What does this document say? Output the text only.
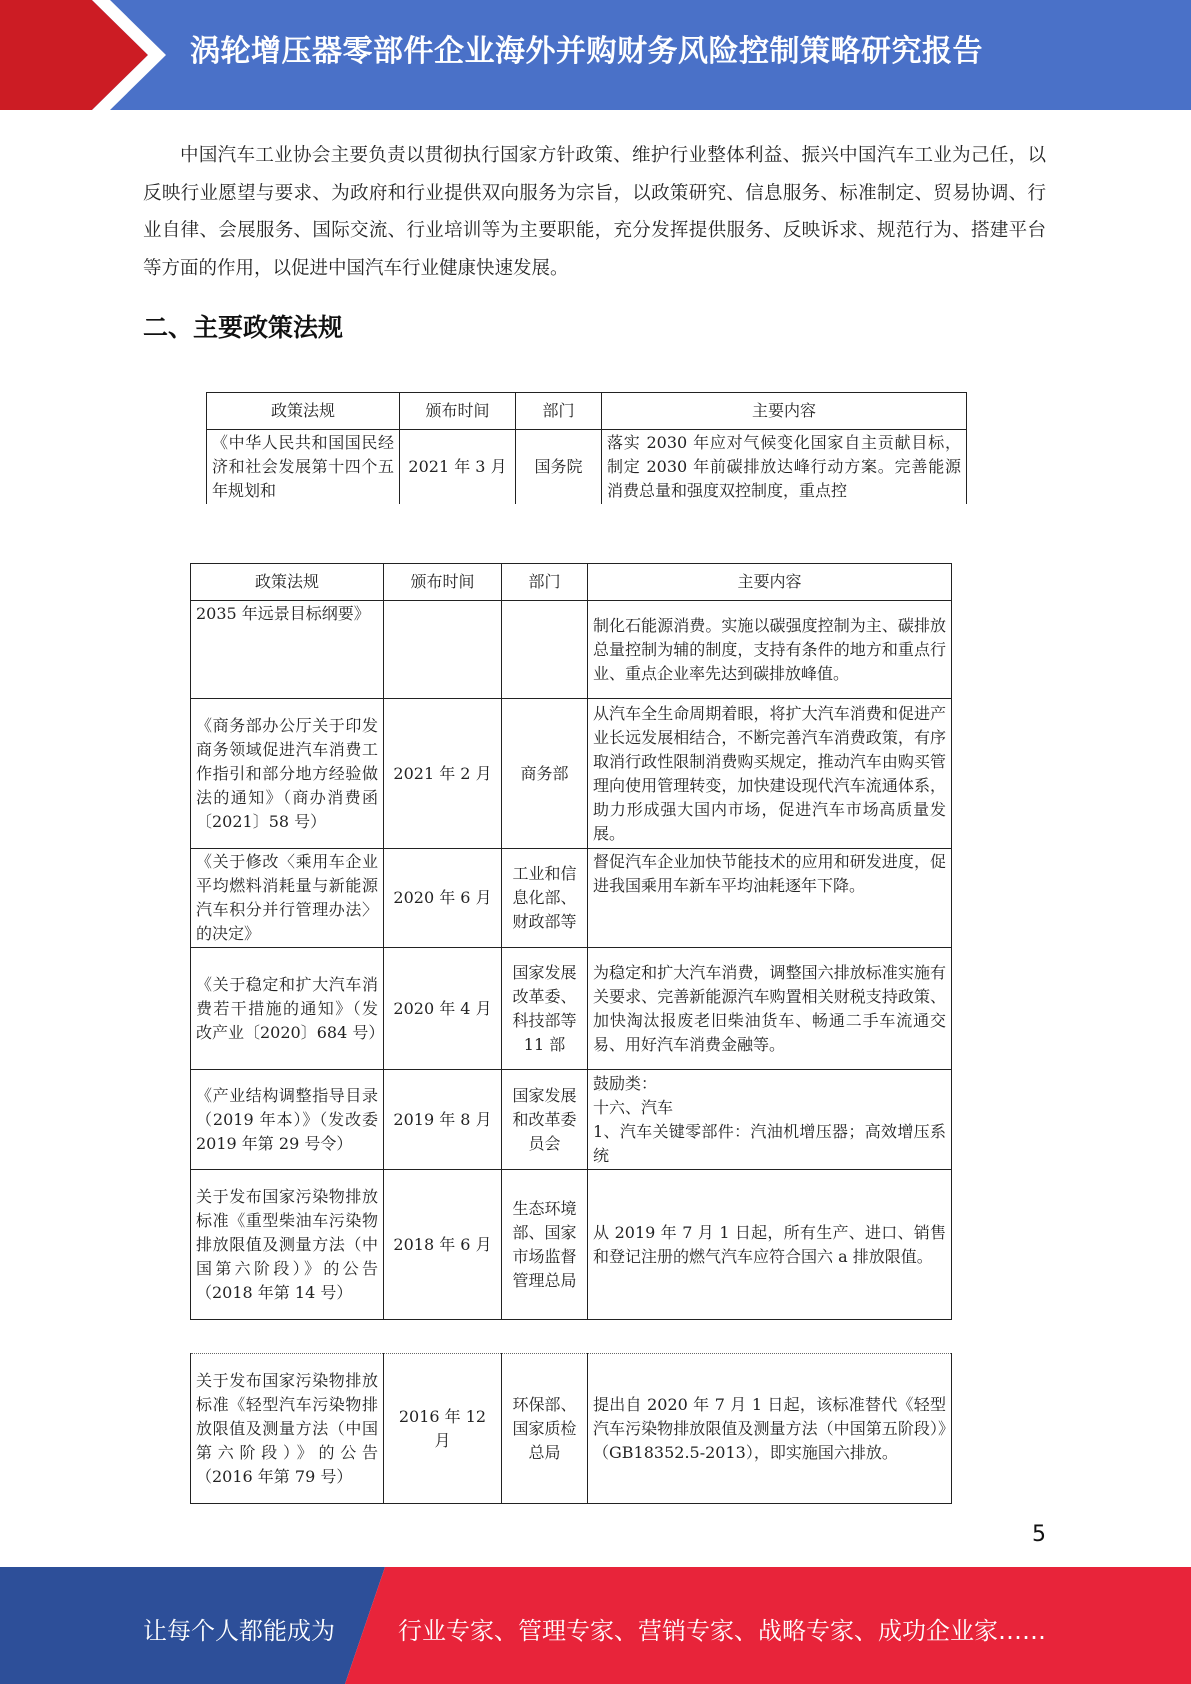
涡轮增压器零部件企业海外并购财务风险控制策略研究报告

中国汽车工业协会主要负责以贯彻执行国家方针政策、维护行业整体利益、振兴中国汽车工业为己任，以反映行业愿望与要求、为政府和行业提供双向服务为宗旨，以政策研究、信息服务、标准制定、贸易协调、行业自律、会展服务、国际交流、行业培训等为主要职能，充分发挥提供服务、反映诉求、规范行为、搭建平台等方面的作用，以促进中国汽车行业健康快速发展。

二、主要政策法规
政策法规	颁布时间	部门	主要内容
《中华人民共和国国民经济和社会发展第十四个五年规划和	2021 年 3 月	国务院	落实 2030 年应对气候变化国家自主贡献目标，制定 2030 年前碳排放达峰行动方案。完善能源消费总量和强度双控制度，重点控
政策法规	颁布时间	部门	主要内容
2035 年远景目标纲要》			制化石能源消费。实施以碳强度控制为主、碳排放总量控制为辅的制度，支持有条件的地方和重点行业、重点企业率先达到碳排放峰值。
《商务部办公厅关于印发商务领域促进汽车消费工作指引和部分地方经验做法的通知》（商办消费函〔2021〕58 号）	2021 年 2 月	商务部	从汽车全生命周期着眼，将扩大汽车消费和促进产业长远发展相结合，不断完善汽车消费政策，有序取消行政性限制消费购买规定，推动汽车由购买管理向使用管理转变，加快建设现代汽车流通体系，助力形成强大国内市场，促进汽车市场高质量发展。
《关于修改〈乘用车企业平均燃料消耗量与新能源汽车积分并行管理办法〉的决定》	2020 年 6 月	工业和信息化部、财政部等	督促汽车企业加快节能技术的应用和研发进度，促进我国乘用车新车平均油耗逐年下降。
《关于稳定和扩大汽车消费若干措施的通知》（发改产业〔2020〕684 号）	2020 年 4 月	国家发展改革委、科技部等 11 部	为稳定和扩大汽车消费，调整国六排放标准实施有关要求、完善新能源汽车购置相关财税支持政策、加快淘汰报废老旧柴油货车、畅通二手车流通交易、用好汽车消费金融等。
《产业结构调整指导目录（2019 年本）》（发改委 2019 年第 29 号令）	2019 年 8 月	国家发展和改革委员会	鼓励类：
十六、汽车
1、汽车关键零部件：汽油机增压器；高效增压系统
关于发布国家污染物排放标准《重型柴油车污染物排放限值及测量方法（中国第六阶段）》的公告（2018 年第 14 号）	2018 年 6 月	生态环境部、国家市场监督管理总局	从 2019 年 7 月 1 日起，所有生产、进口、销售和登记注册的燃气汽车应符合国六 a 排放限值。
关于发布国家污染物排放标准《轻型汽车污染物排放限值及测量方法（中国第六阶段）》的公告（2016 年第 79 号）	2016 年 12 月	环保部、国家质检总局	提出自 2020 年 7 月 1 日起，该标准替代《轻型汽车污染物排放限值及测量方法（中国第五阶段）》（GB18352.5-2013），即实施国六排放。
5
让每个人都能成为	行业专家、管理专家、营销专家、战略专家、成功企业家……
